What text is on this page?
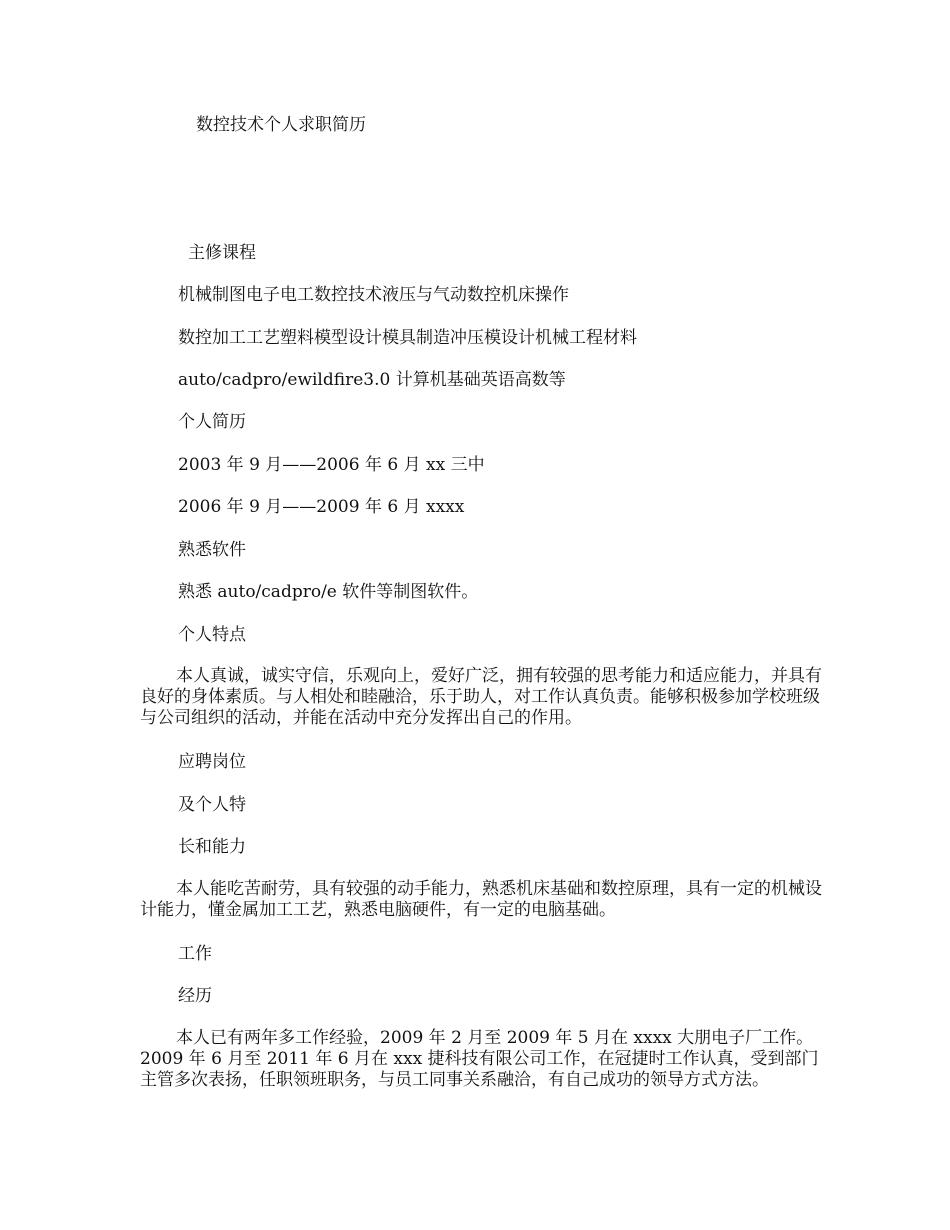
数控技术个人求职简历

主修课程

机械制图电子电工数控技术液压与气动数控机床操作

数控加工工艺塑料模型设计模具制造冲压模设计机械工程材料

auto/cadpro/ewildfire3.0 计算机基础英语高数等

个人简历

2003 年 9 月——2006 年 6 月 xx 三中

2006 年 9 月——2009 年 6 月 xxxx

熟悉软件

熟悉 auto/cadpro/e 软件等制图软件。

个人特点

本人真诚，诚实守信，乐观向上，爱好广泛，拥有较强的思考能力和适应能力，并具有良好的身体素质。与人相处和睦融洽，乐于助人，对工作认真负责。能够积极参加学校班级与公司组织的活动，并能在活动中充分发挥出自己的作用。

应聘岗位

及个人特

长和能力

本人能吃苦耐劳，具有较强的动手能力，熟悉机床基础和数控原理，具有一定的机械设计能力，懂金属加工工艺，熟悉电脑硬件，有一定的电脑基础。

工作

经历

本人已有两年多工作经验，2009 年 2 月至 2009 年 5 月在 xxxx 大朋电子厂工作。2009 年 6 月至 2011 年 6 月在 xxx 捷科技有限公司工作，在冠捷时工作认真，受到部门主管多次表扬，任职领班职务，与员工同事关系融洽，有自己成功的领导方式方法。
